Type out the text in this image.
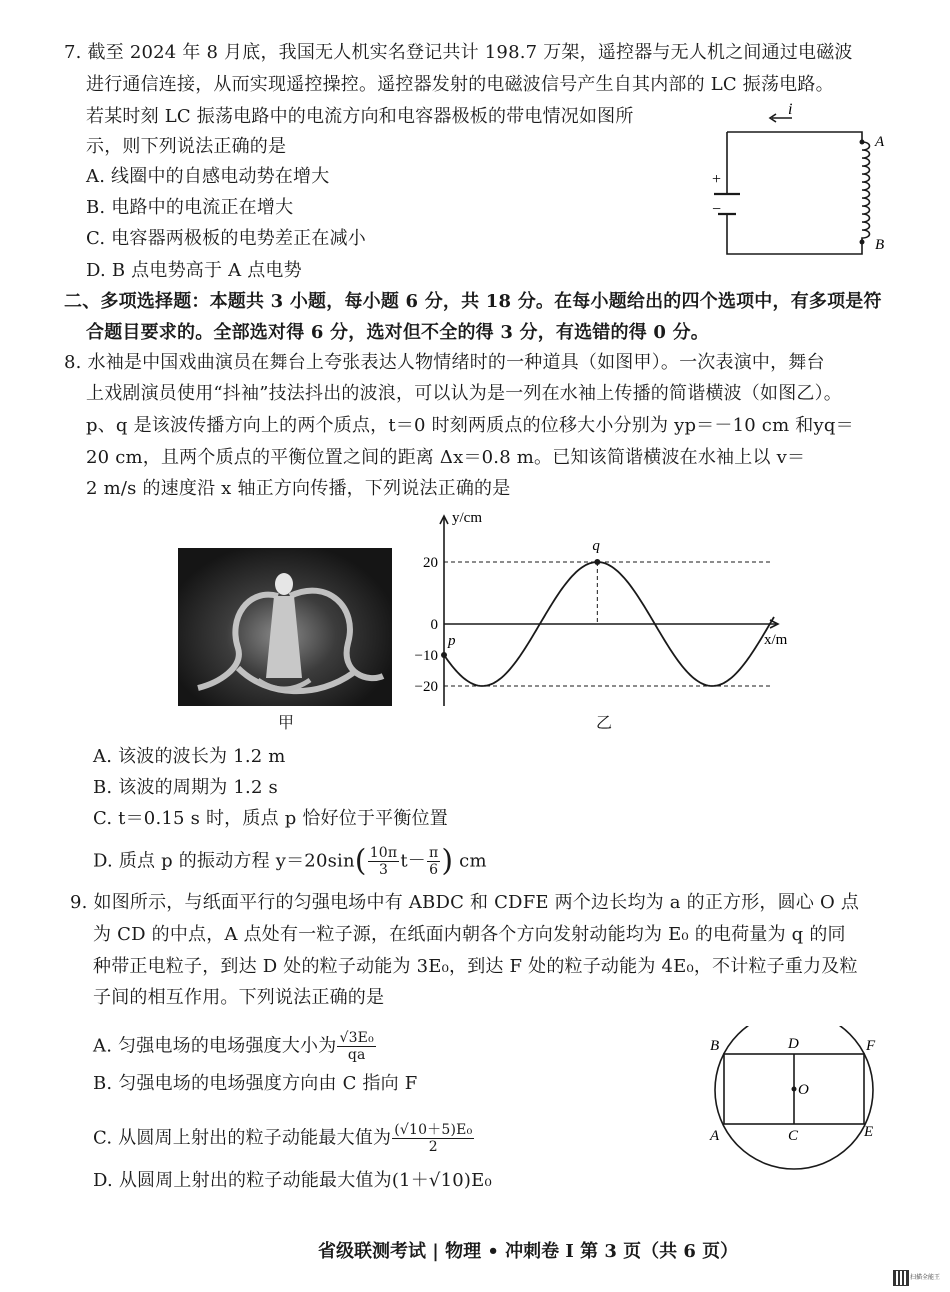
7. 截至 2024 年 8 月底，我国无人机实名登记共计 198.7 万架，遥控器与无人机之间通过电磁波
进行通信连接，从而实现遥控操控。遥控器发射的电磁波信号产生自其内部的 LC 振荡电路。
若某时刻 LC 振荡电路中的电流方向和电容器极板的带电情况如图所
示，则下列说法正确的是
A. 线圈中的自感电动势在增大
B. 电路中的电流正在增大
C. 电容器两极板的电势差正在减小
D. B 点电势高于 A 点电势
i
+
−
A
B
二、多项选择题：本题共 3 小题，每小题 6 分，共 18 分。在每小题给出的四个选项中，有多项是符
合题目要求的。全部选对得 6 分，选对但不全的得 3 分，有选错的得 0 分。
8. 水袖是中国戏曲演员在舞台上夸张表达人物情绪时的一种道具（如图甲）。一次表演中，舞台
上戏剧演员使用“抖袖”技法抖出的波浪，可以认为是一列在水袖上传播的简谐横波（如图乙）。
p、q 是该波传播方向上的两个质点，t＝0 时刻两质点的位移大小分别为 yp＝－10 cm 和yq＝
20 cm，且两个质点的平衡位置之间的距离 Δx＝0.8 m。已知该简谐横波在水袖上以 v＝
2 m/s 的速度沿 x 轴正方向传播，下列说法正确的是
甲
y/cm
x/m
20
0
−10
−20
p
q
乙
A. 该波的波长为 1.2 m
B. 该波的周期为 1.2 s
C. t＝0.15 s 时，质点 p 恰好位于平衡位置
D. 质点 p 的振动方程 $y=20\sin( \frac{10\pi}{3} t- \frac{\pi}{6}$ ) cm
9. 如图所示，与纸面平行的匀强电场中有 ABDC 和 CDFE 两个边长均为 a 的正方形，圆心 O 点
为 CD 的中点，A 点处有一粒子源，在纸面内朝各个方向发射动能均为 E₀ 的电荷量为 q 的同
种带正电粒子，到达 D 处的粒子动能为 3E₀，到达 F 处的粒子动能为 4E₀，不计粒子重力及粒
子间的相互作用。下列说法正确的是
A. 匀强电场的电场强度大小为 $\frac{\text{√3E₀}}{qa}$
B. 匀强电场的电场强度方向由 C 指向 F
C. 从圆周上射出的粒子动能最大值为 $\frac{\text{(√10＋5)E₀}}{2}$
D. 从圆周上射出的粒子动能最大值为(1＋√10)E₀
B	D	F
O
A	C	E
省级联测考试 | 物理 • 冲刺卷 I 第 3 页（共 6 页）
扫描全能王
